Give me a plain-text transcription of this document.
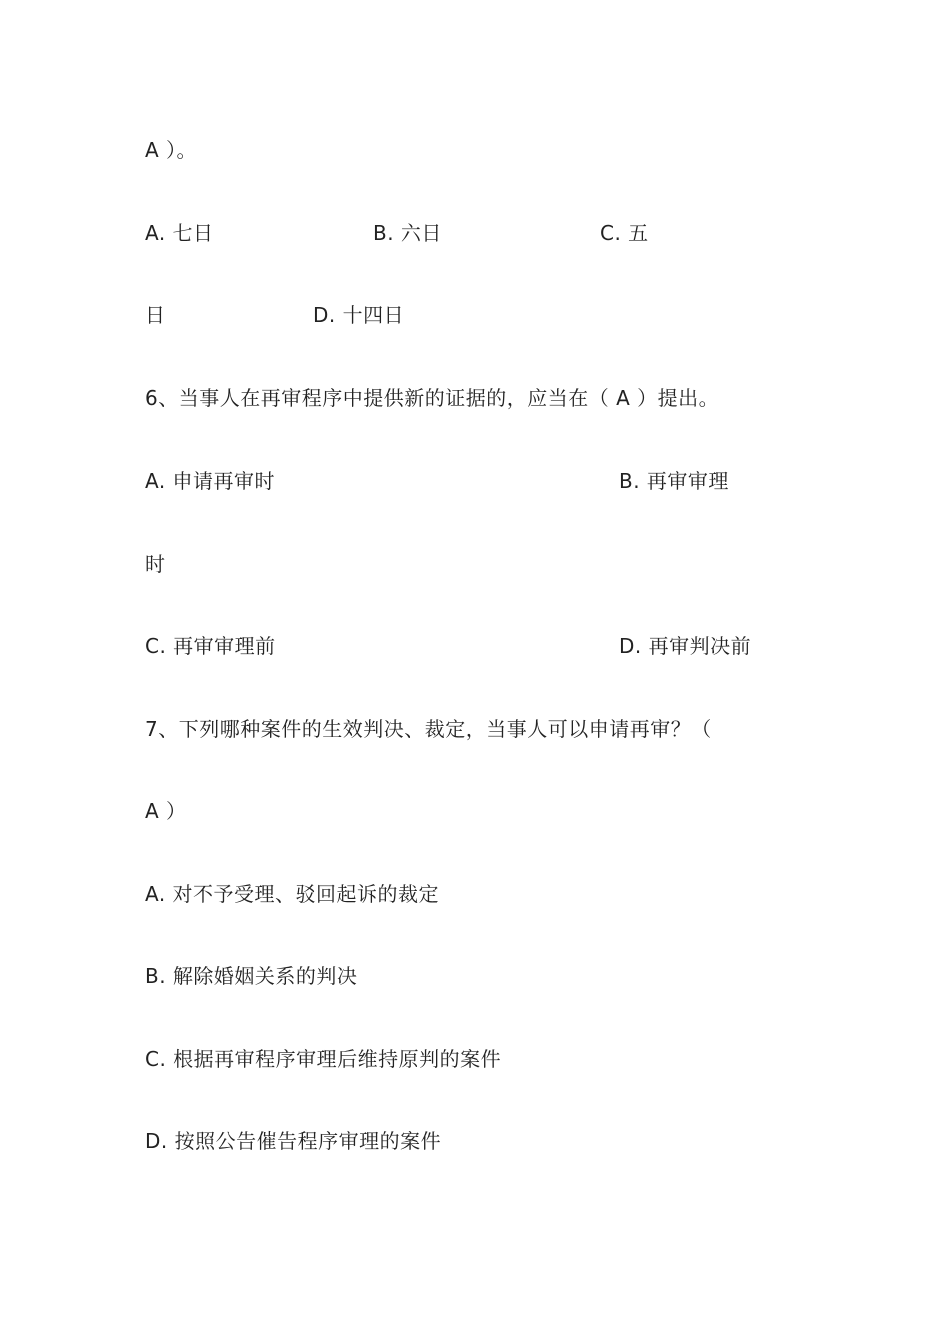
A ）。
A. 七日	B. 六日	C. 五
日	D. 十四日
6、当事人在再审程序中提供新的证据的，应当在（ A ）提出。
A. 申请再审时	B. 再审审理
时
C. 再审审理前	D. 再审判决前
7、下列哪种案件的生效判决、裁定，当事人可以申请再审？（
A ）
A. 对不予受理、驳回起诉的裁定
B. 解除婚姻关系的判决
C. 根据再审程序审理后维持原判的案件
D. 按照公告催告程序审理的案件
